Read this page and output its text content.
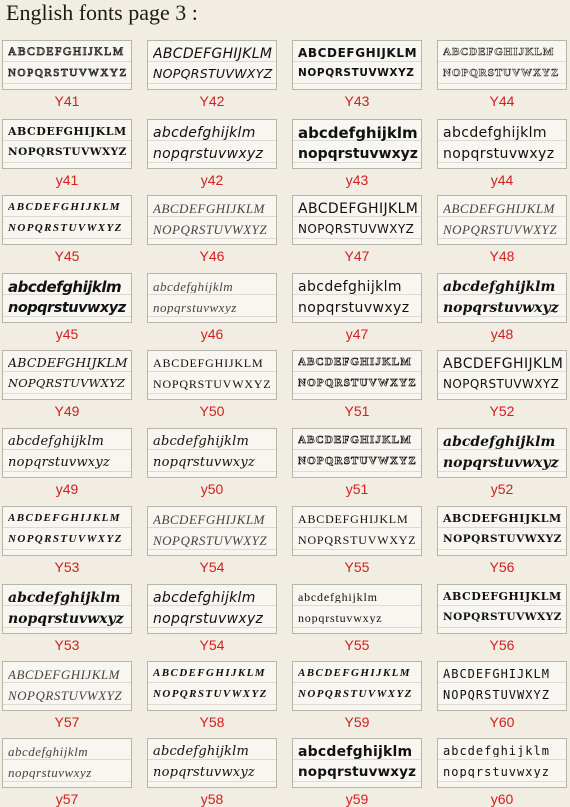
English fonts page 3 :
ABCDEFGHIJKLM
NOPQRSTUVWXYZ
Y41
ABCDEFGHIJKLM
NOPQRSTUVWXYZ
Y42
ABCDEFGHIJKLM
NOPQRSTUVWXYZ
Y43
ABCDEFGHIJKLM
NOPQRSTUVWXYZ
Y44
ABCDEFGHIJKLM
NOPQRSTUVWXYZ
y41
abcdefghijklm
nopqrstuvwxyz
y42
abcdefghijklm
nopqrstuvwxyz
y43
abcdefghijklm
nopqrstuvwxyz
y44
ABCDEFGHIJKLM
NOPQRSTUVWXYZ
Y45
ABCDEFGHIJKLM
NOPQRSTUVWXYZ
Y46
ABCDEFGHIJKLM
NOPQRSTUVWXYZ
Y47
ABCDEFGHIJKLM
NOPQRSTUVWXYZ
Y48
abcdefghijklm
nopqrstuvwxyz
y45
abcdefghijklm
nopqrstuvwxyz
y46
abcdefghijklm
nopqrstuvwxyz
y47
abcdefghijklm
nopqrstuvwxyz
y48
ABCDEFGHIJKLM
NOPQRSTUVWXYZ
Y49
ABCDEFGHIJKLM
NOPQRSTUVWXYZ
Y50
ABCDEFGHIJKLM
NOPQRSTUVWXYZ
Y51
ABCDEFGHIJKLM
NOPQRSTUVWXYZ
Y52
abcdefghijklm
nopqrstuvwxyz
y49
abcdefghijklm
nopqrstuvwxyz
y50
ABCDEFGHIJKLM
NOPQRSTUVWXYZ
y51
abcdefghijklm
nopqrstuvwxyz
y52
ABCDEFGHIJKLM
NOPQRSTUVWXYZ
Y53
ABCDEFGHIJKLM
NOPQRSTUVWXYZ
Y54
ABCDEFGHIJKLM
NOPQRSTUVWXYZ
Y55
ABCDEFGHIJKLM
NOPQRSTUVWXYZ
Y56
abcdefghijklm
nopqrstuvwxyz
Y53
abcdefghijklm
nopqrstuvwxyz
Y54
abcdefghijklm
nopqrstuvwxyz
Y55
ABCDEFGHIJKLM
NOPQRSTUVWXYZ
Y56
ABCDEFGHIJKLM
NOPQRSTUVWXYZ
Y57
ABCDEFGHIJKLM
NOPQRSTUVWXYZ
Y58
ABCDEFGHIJKLM
NOPQRSTUVWXYZ
Y59
ABCDEFGHIJKLM
NOPQRSTUVWXYZ
Y60
abcdefghijklm
nopqrstuvwxyz
y57
abcdefghijklm
nopqrstuvwxyz
y58
abcdefghijklm
nopqrstuvwxyz
y59
abcdefghijklm
nopqrstuvwxyz
y60
